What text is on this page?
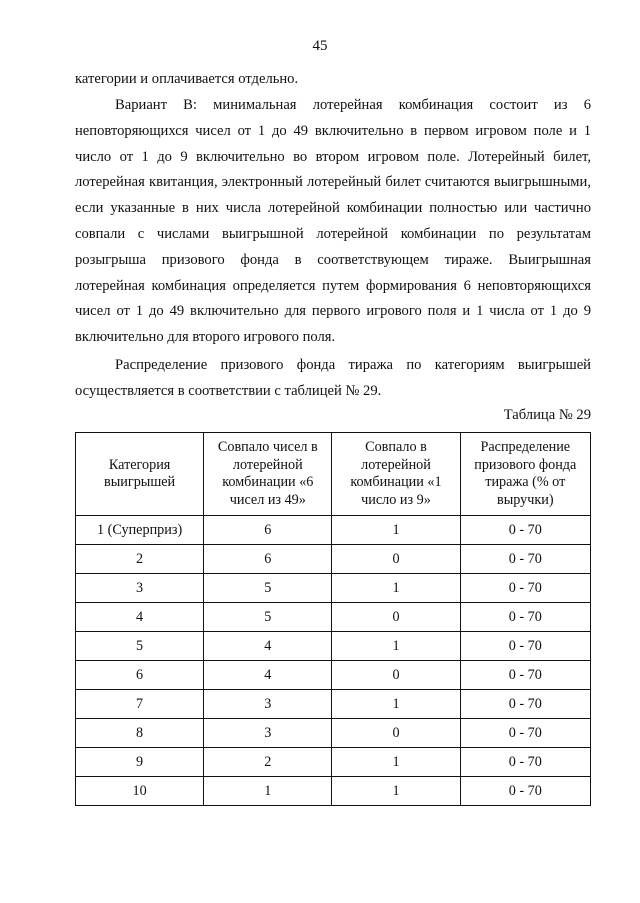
45

категории и оплачивается отдельно.

Вариант В: минимальная лотерейная комбинация состоит из 6 неповторяющихся чисел от 1 до 49 включительно в первом игровом поле и 1 число от 1 до 9 включительно во втором игровом поле. Лотерейный билет, лотерейная квитанция, электронный лотерейный билет считаются выигрышными, если указанные в них числа лотерейной комбинации полностью или частично совпали с числами выигрышной лотерейной комбинации по результатам розыгрыша призового фонда в соответствующем тираже. Выигрышная лотерейная комбинация определяется путем формирования 6 неповторяющихся чисел от 1 до 49 включительно для первого игрового поля и 1 числа от 1 до 9 включительно для второго игрового поля.

Распределение призового фонда тиража по категориям выигрышей осуществляется в соответствии с таблицей № 29.

Таблица № 29
Категория выигрышей	Совпало чисел в лотерейной комбинации «6 чисел из 49»	Совпало в лотерейной комбинации «1 число из 9»	Распределение призового фонда тиража (% от выручки)
1 (Суперприз)	6	1	0 - 70
2	6	0	0 - 70
3	5	1	0 - 70
4	5	0	0 - 70
5	4	1	0 - 70
6	4	0	0 - 70
7	3	1	0 - 70
8	3	0	0 - 70
9	2	1	0 - 70
10	1	1	0 - 70
